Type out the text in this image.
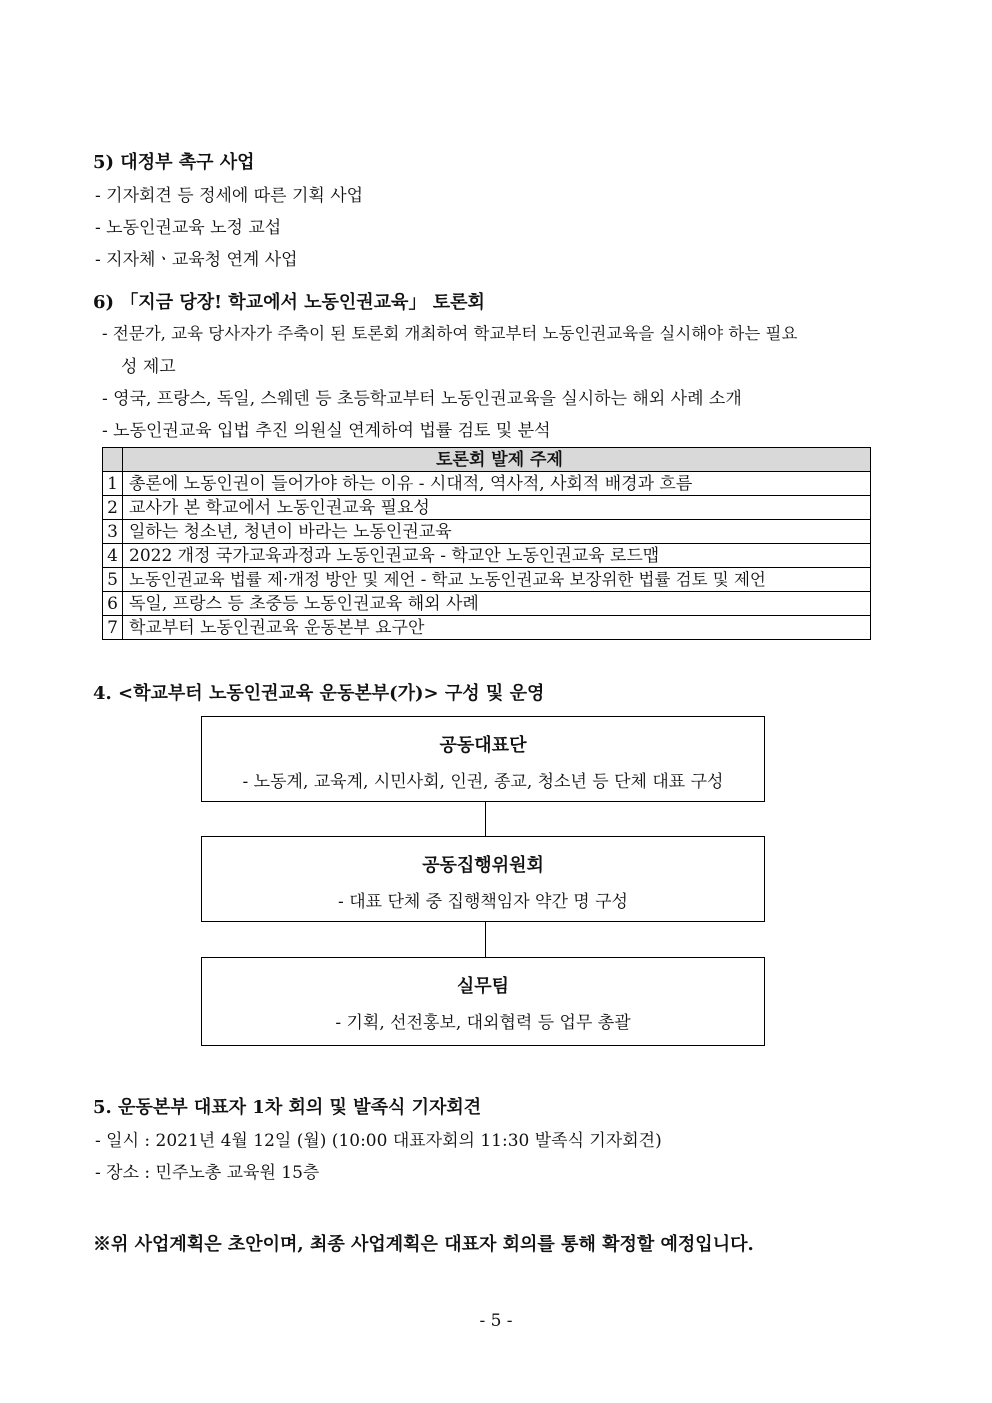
5) 대정부 촉구 사업
- 기자회견 등 정세에 따른 기획 사업
- 노동인권교육 노정 교섭
- 지자체ㆍ교육청 연계 사업
6) 「지금 당장! 학교에서 노동인권교육」 토론회
- 전문가, 교육 당사자가 주축이 된 토론회 개최하여 학교부터 노동인권교육을 실시해야 하는 필요
성 제고
- 영국, 프랑스, 독일, 스웨덴 등 초등학교부터 노동인권교육을 실시하는 해외 사례 소개
- 노동인권교육 입법 추진 의원실 연계하여 법률 검토 및 분석
	토론회 발제 주제
1	총론에 노동인권이 들어가야 하는 이유 - 시대적, 역사적, 사회적 배경과 흐름
2	교사가 본 학교에서 노동인권교육 필요성
3	일하는 청소년, 청년이 바라는 노동인권교육
4	2022 개정 국가교육과정과 노동인권교육 - 학교안 노동인권교육 로드맵
5	노동인권교육 법률 제·개정 방안 및 제언 - 학교 노동인권교육 보장위한 법률 검토 및 제언
6	독일, 프랑스 등 초중등 노동인권교육 해외 사례
7	학교부터 노동인권교육 운동본부 요구안
4. <학교부터 노동인권교육 운동본부(가)> 구성 및 운영
공동대표단
- 노동계, 교육계, 시민사회, 인권, 종교, 청소년 등 단체 대표 구성
공동집행위원회
- 대표 단체 중 집행책임자 약간 명 구성
실무팀
- 기획, 선전홍보, 대외협력 등 업무 총괄
5. 운동본부 대표자 1차 회의 및 발족식 기자회견
- 일시 : 2021년 4월 12일 (월) (10:00 대표자회의 11:30 발족식 기자회견)
- 장소 : 민주노총 교육원 15층
※위 사업계획은 초안이며, 최종 사업계획은 대표자 회의를 통해 확정할 예정입니다.
- 5 -
